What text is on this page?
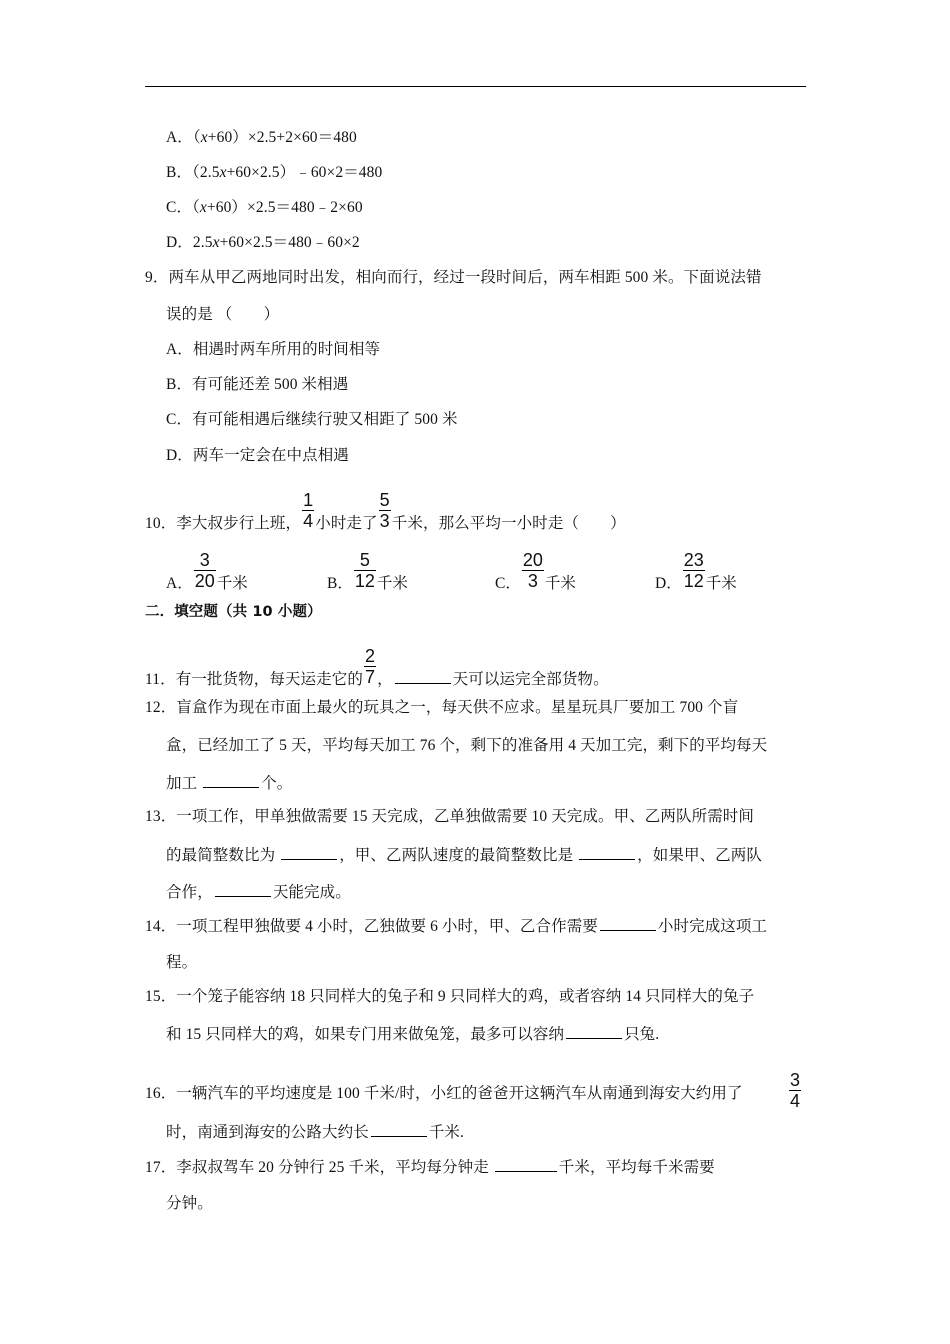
A．（x+60）×2.5+2×60＝480
B．（2.5x+60×2.5）﹣60×2＝480
C．（x+60）×2.5＝480﹣2×60
D．2.5x+60×2.5＝480﹣60×2
9．两车从甲乙两地同时出发，相向而行，经过一段时间后，两车相距 500 米。下面说法错
误的是 （　　）
A．相遇时两车所用的时间相等
B．有可能还差 500 米相遇
C．有可能相遇后继续行驶又相距了 500 米
D．两车一定会在中点相遇
10．李大叔步行上班， $\frac{1}{4}$ 小时走了 $\frac{5}{3}$ 千米，那么平均一小时走（　　）
A． $\frac{3}{20}$ 千米	B． $\frac{5}{12}$ 千米	C． $\frac{20}{3}$ 千米	D． $\frac{23}{12}$ 千米
二．填空题（共 10 小题）
11．有一批货物，每天运走它的 $\frac{2}{7}$ ，	天可以运完全部货物。
12．盲盒作为现在市面上最火的玩具之一，每天供不应求。星星玩具厂要加工 700 个盲
盒，已经加工了 5 天，平均每天加工 76 个，剩下的准备用 4 天加工完，剩下的平均每天
加工	个。
13．一项工作，甲单独做需要 15 天完成，乙单独做需要 10 天完成。甲、乙两队所需时间
的最简整数比为	，甲、乙两队速度的最简整数比是	，如果甲、乙两队
合作，	天能完成。
14．一项工程甲独做要 4 小时，乙独做要 6 小时，甲、乙合作需要	小时完成这项工
程。
15．一个笼子能容纳 18 只同样大的兔子和 9 只同样大的鸡，或者容纳 14 只同样大的兔子
和 15 只同样大的鸡，如果专门用来做兔笼，最多可以容纳	只兔.
16．一辆汽车的平均速度是 100 千米/时，小红的爸爸开这辆汽车从南通到海安大约用了	$\frac{3}{4}$
时，南通到海安的公路大约长	千米.
17．李叔叔驾车 20 分钟行 25 千米，平均每分钟走	千米，平均每千米需要
分钟。
